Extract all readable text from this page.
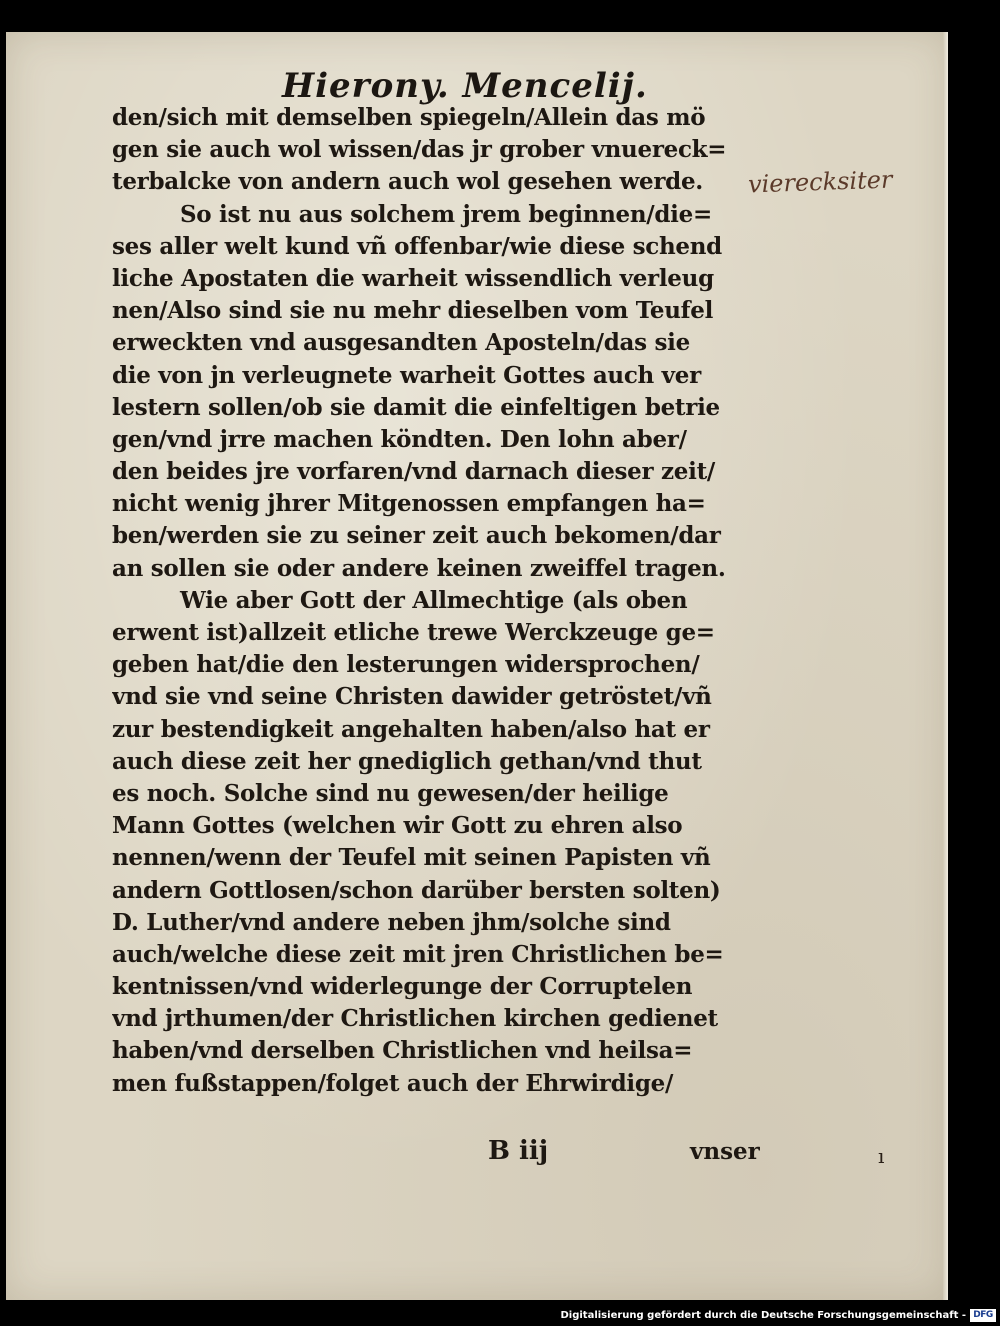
Hierony. Mencelij.
den/sich mit demselben spiegeln/Allein das mö
gen sie auch wol wissen/das jr grober vnuereck=
terbalcke von andern auch wol gesehen werde.
So ist nu aus solchem jrem beginnen/die=
ses aller welt kund vñ offenbar/wie diese schend
liche Apostaten die warheit wissendlich verleug
nen/Also sind sie nu mehr dieselben vom Teufel
erweckten vnd ausgesandten Aposteln/das sie
die von jn verleugnete warheit Gottes auch ver
lestern sollen/ob sie damit die einfeltigen betrie
gen/vnd jrre machen köndten. Den lohn aber/
den beides jre vorfaren/vnd darnach dieser zeit/
nicht wenig jhrer Mitgenossen empfangen ha=
ben/werden sie zu seiner zeit auch bekomen/dar
an sollen sie oder andere keinen zweiffel tragen.
Wie aber Gott der Allmechtige (als oben
erwent ist)allzeit etliche trewe Werckzeuge ge=
geben hat/die den lesterungen widersprochen/
vnd sie vnd seine Christen dawider getröstet/vñ
zur bestendigkeit angehalten haben/also hat er
auch diese zeit her gnediglich gethan/vnd thut
es noch. Solche sind nu gewesen/der heilige
Mann Gottes (welchen wir Gott zu ehren also
nennen/wenn der Teufel mit seinen Papisten vñ
andern Gottlosen/schon darüber bersten solten)
D. Luther/vnd andere neben jhm/solche sind
auch/welche diese zeit mit jren Christlichen be=
kentnissen/vnd widerlegunge der Corruptelen
vnd jrthumen/der Christlichen kirchen gedienet
haben/vnd derselben Christlichen vnd heilsa=
men fußstappen/folget auch der Ehrwirdige/
vierecksiter
B iij	vnser	ı
Digitalisierung gefördert durch die Deutsche Forschungsgemeinschaft - DFG
